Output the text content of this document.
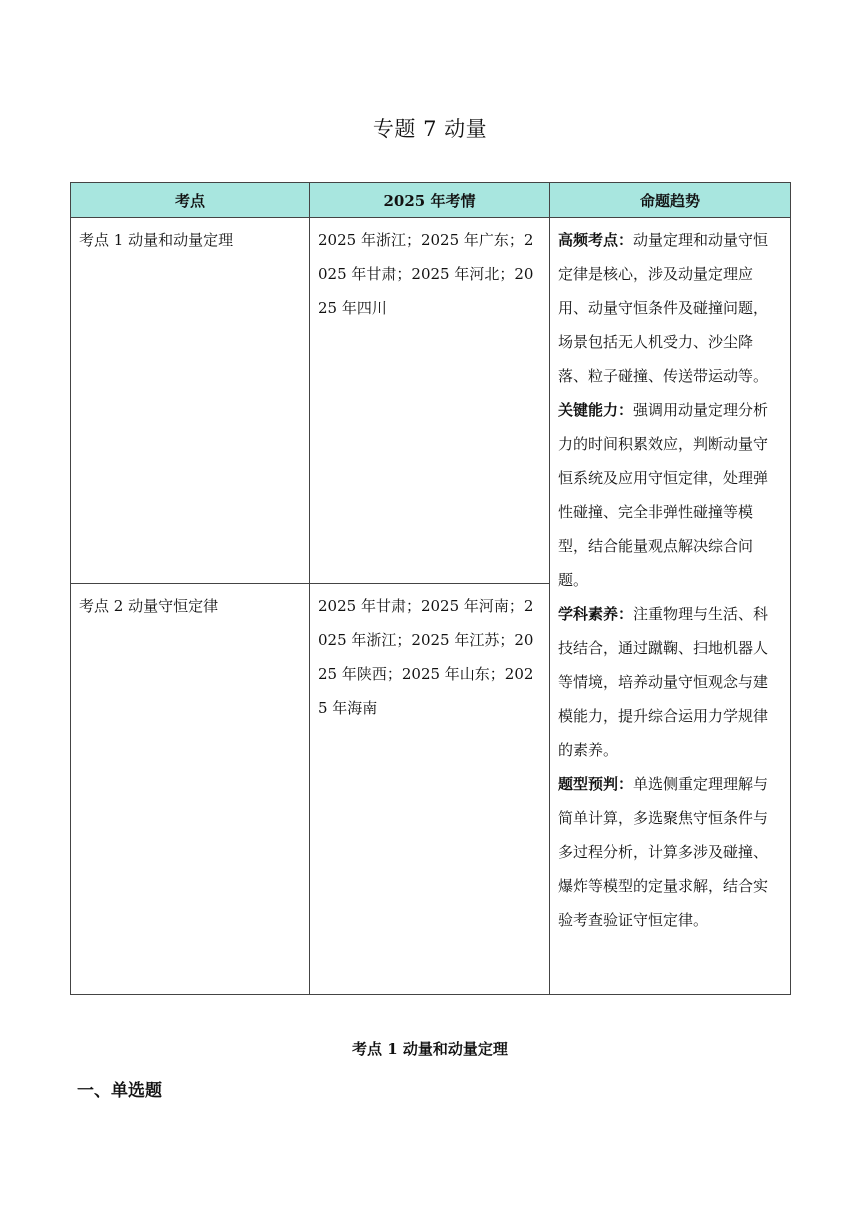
专题 7 动量
考点	2025 年考情	命题趋势
考点 1 动量和动量定理	2025 年浙江；2025 年广东；2025 年甘肃；2025 年河北；2025 年四川	高频考点：动量定理和动量守恒定律是核心，涉及动量定理应用、动量守恒条件及碰撞问题，场景包括无人机受力、沙尘降落、粒子碰撞、传送带运动等。
关键能力：强调用动量定理分析力的时间积累效应，判断动量守恒系统及应用守恒定律，处理弹性碰撞、完全非弹性碰撞等模型，结合能量观点解决综合问题。
学科素养：注重物理与生活、科技结合，通过蹴鞠、扫地机器人等情境，培养动量守恒观念与建模能力，提升综合运用力学规律的素养。
题型预判：单选侧重定理理解与简单计算，多选聚焦守恒条件与多过程分析，计算多涉及碰撞、爆炸等模型的定量求解，结合实验考查验证守恒定律。

考点 2 动量守恒定律	2025 年甘肃；2025 年河南；2025 年浙江；2025 年江苏；2025 年陕西；2025 年山东；2025 年海南	
考点 1 动量和动量定理
一、单选题
